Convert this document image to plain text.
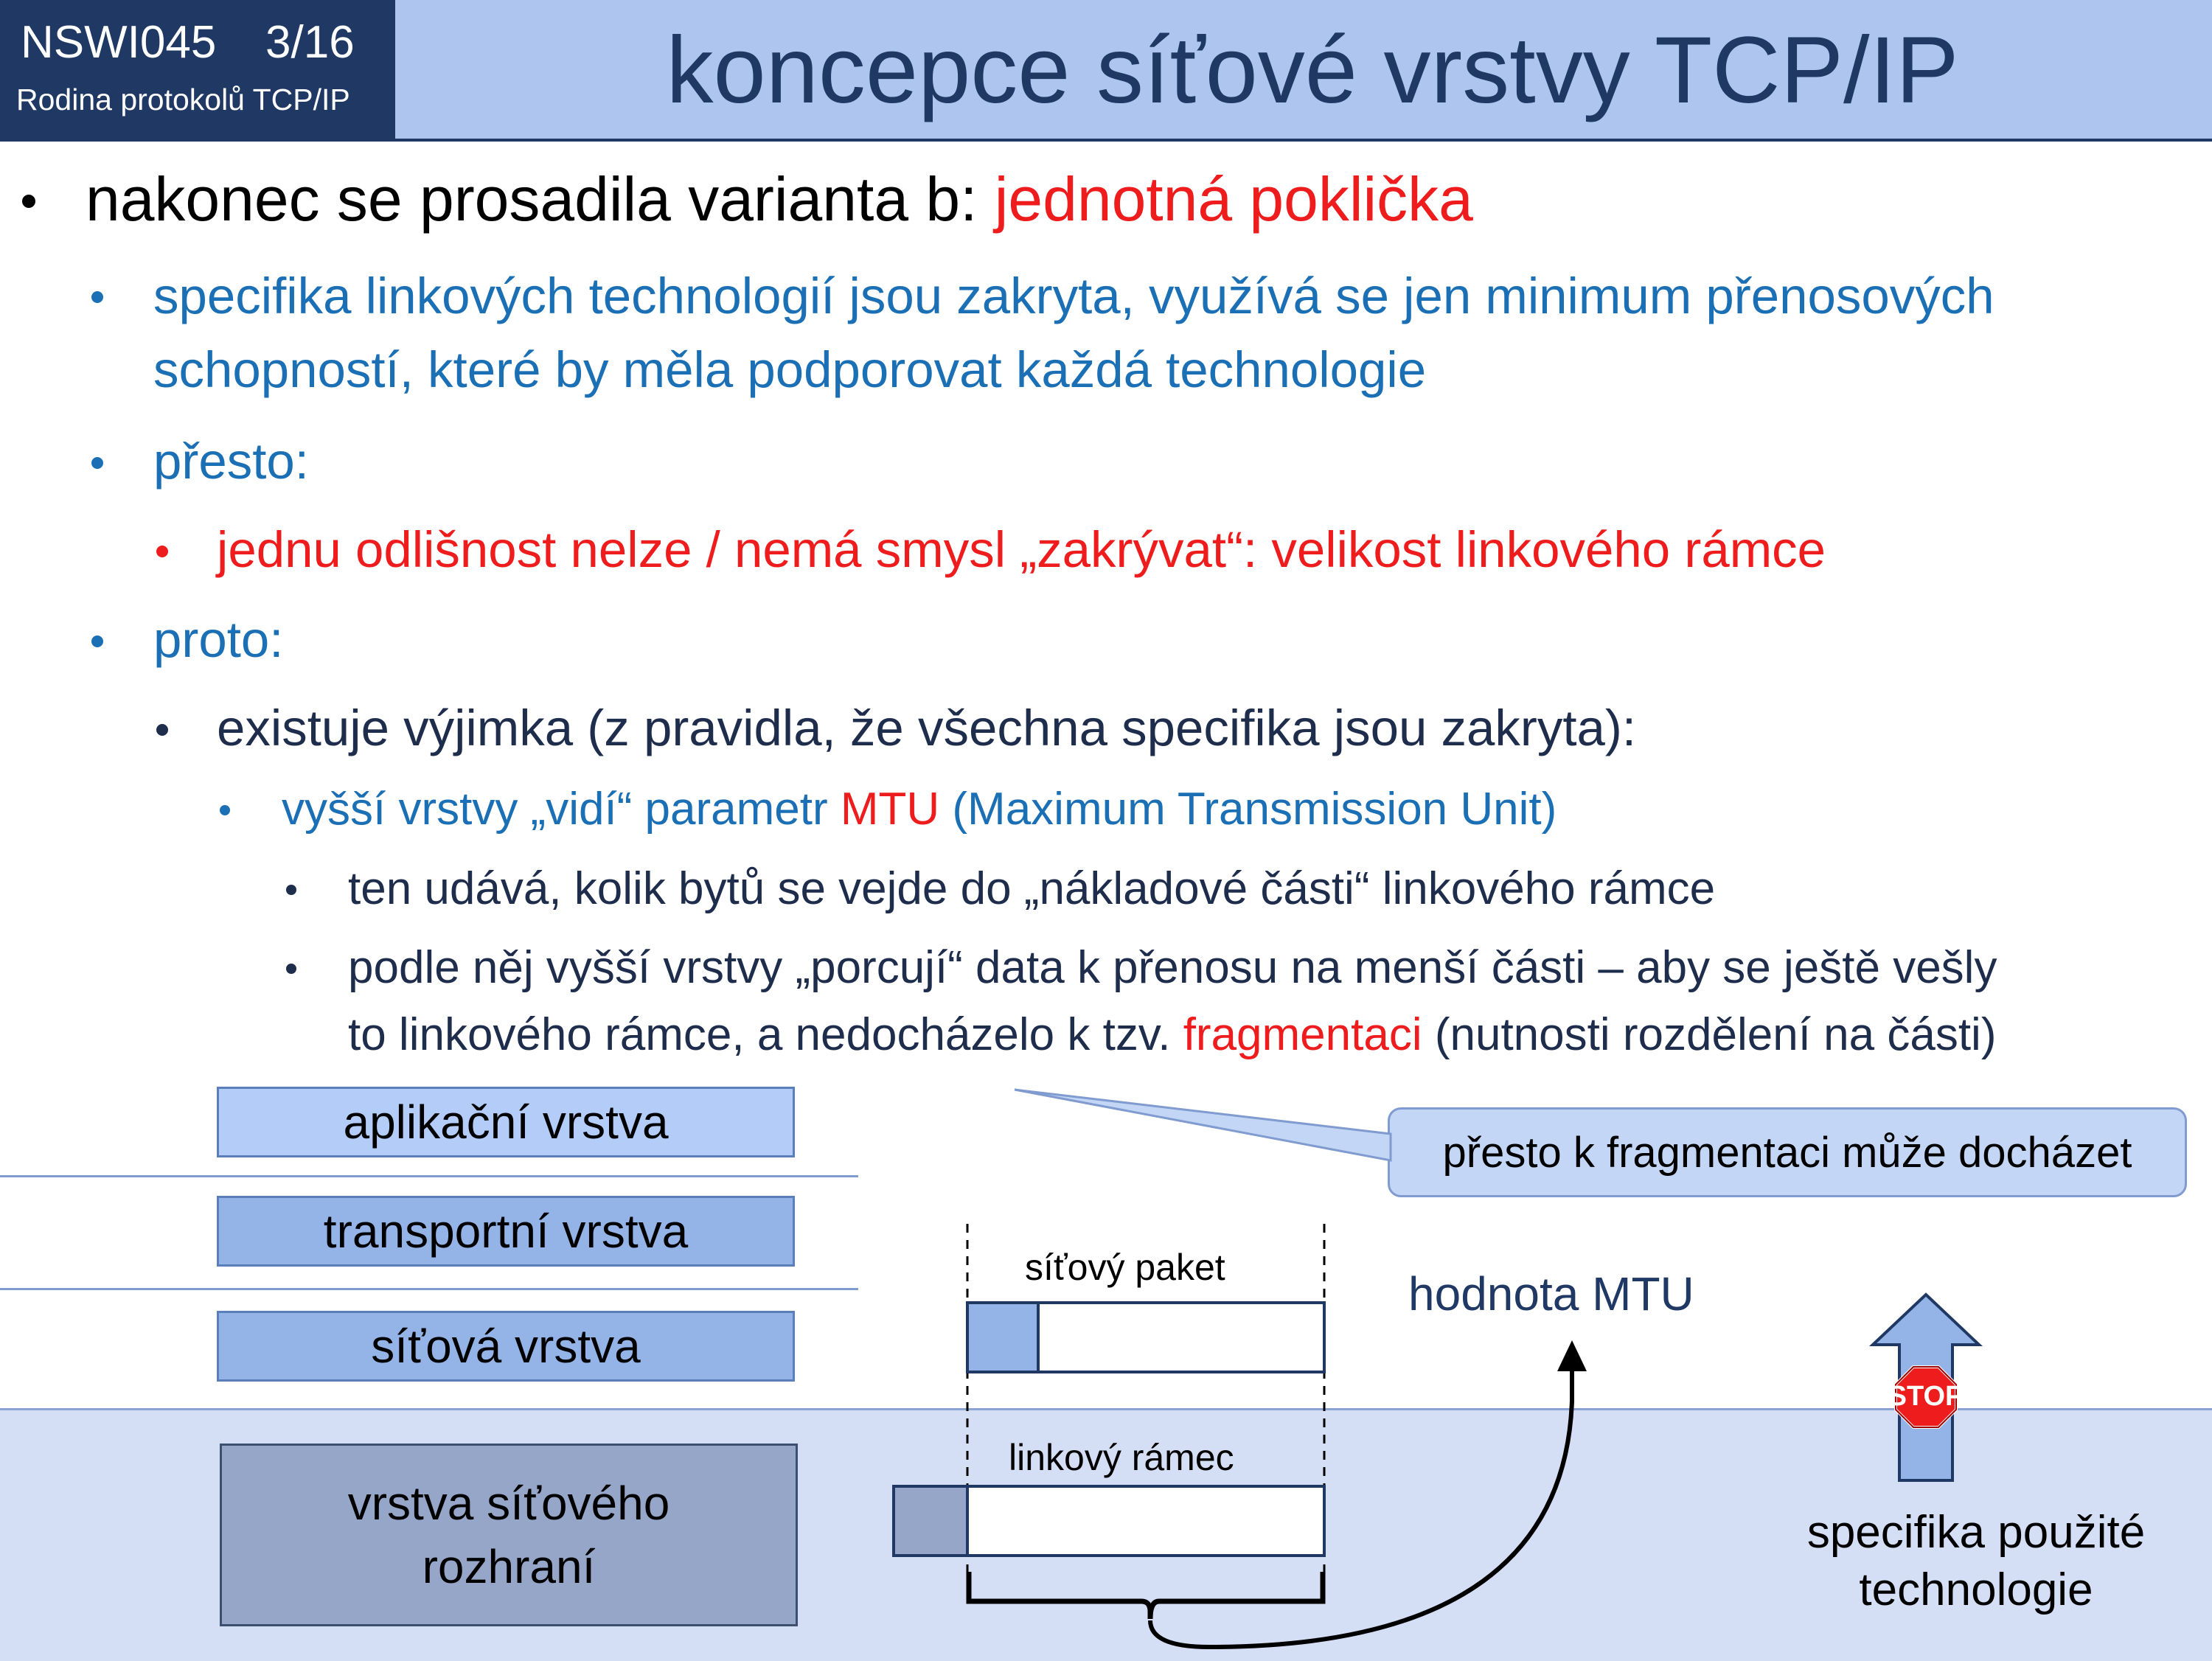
NSWI045 3/16
Rodina protokolů TCP/IP	koncepce síťové vrstvy TCP/IP
nakonec se prosadila varianta b: jednotná poklička
specifika linkových technologií jsou zakryta, využívá se jen minimum přenosových
schopností, které by měla podporovat každá technologie
přesto:
jednu odlišnost nelze / nemá smysl „zakrývat“: velikost linkového rámce
proto:
existuje výjimka (z pravidla, že všechna specifika jsou zakryta):
vyšší vrstvy „vidí“ parametr MTU (Maximum Transmission Unit)
ten udává, kolik bytů se vejde do „nákladové části“ linkového rámce
podle něj vyšší vrstvy „porcují“ data k přenosu na menší části – aby se ještě vešly
to linkového rámce, a nedocházelo k tzv. fragmentaci (nutnosti rozdělení na části)
aplikační vrstva
transportní vrstva
síťová vrstva
vrstva síťového rozhraní
síťový paket
linkový rámec
hodnota MTU
přesto k fragmentaci může docházet
specifika použité technologie
STOP
